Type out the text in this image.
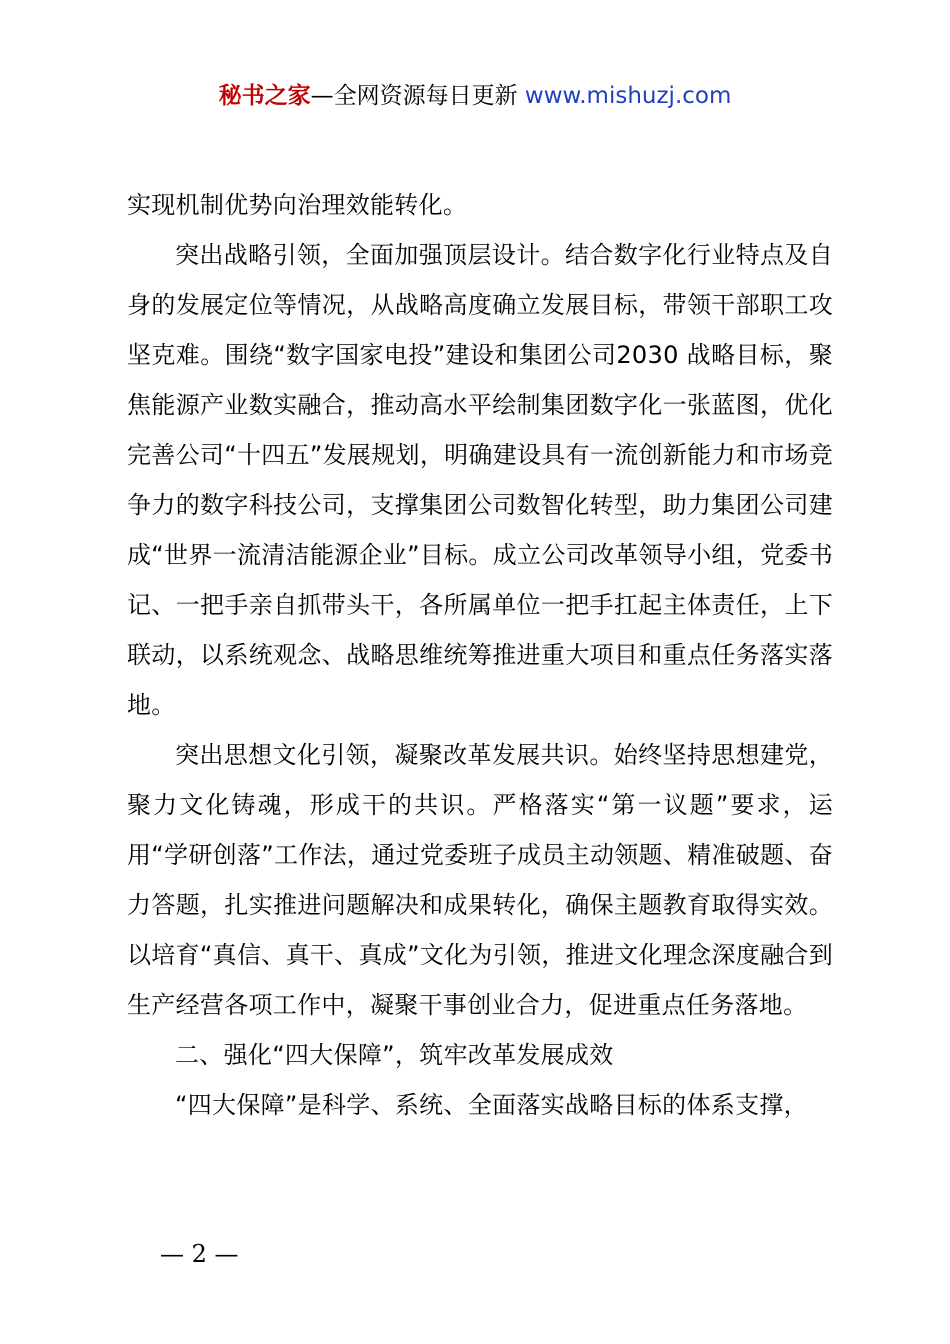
秘书之家—全网资源每日更新 www.mishuzj.com

实现机制优势向治理效能转化。

突出战略引领，全面加强顶层设计。结合数字化行业特点及自身的发展定位等情况，从战略高度确立发展目标，带领干部职工攻坚克难。围绕“数字国家电投”建设和集团公司2030 战略目标，聚焦能源产业数实融合，推动高水平绘制集团数字化一张蓝图，优化完善公司“十四五”发展规划，明确建设具有一流创新能力和市场竞争力的数字科技公司，支撑集团公司数智化转型，助力集团公司建成“世界一流清洁能源企业”目标。成立公司改革领导小组，党委书记、一把手亲自抓带头干，各所属单位一把手扛起主体责任，上下联动，以系统观念、战略思维统筹推进重大项目和重点任务落实落地。

突出思想文化引领，凝聚改革发展共识。始终坚持思想建党，聚力文化铸魂，形成干的共识。严格落实“第一议题”要求，运用“学研创落”工作法，通过党委班子成员主动领题、精准破题、奋力答题，扎实推进问题解决和成果转化，确保主题教育取得实效。以培育“真信、真干、真成”文化为引领，推进文化理念深度融合到生产经营各项工作中，凝聚干事创业合力，促进重点任务落地。

二、强化“四大保障”，筑牢改革发展成效

“四大保障”是科学、系统、全面落实战略目标的体系支撑，

— 2 —
